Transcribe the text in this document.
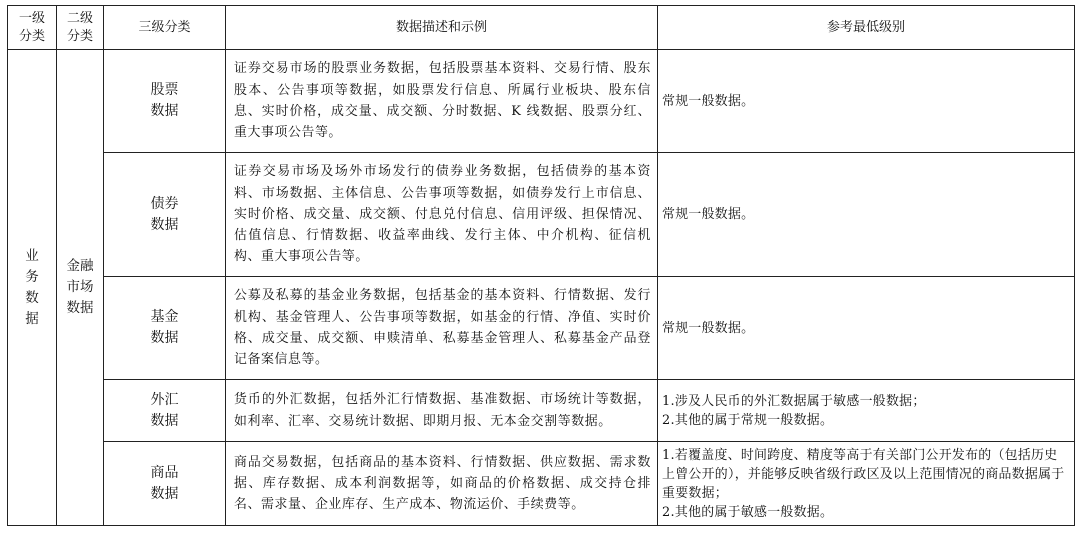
一级分类	二级分类	三级分类	数据描述和示例	参考最低级别
业务数据	金融市场数据	股票数据	证券交易市场的股票业务数据，包括股票基本资料、交易行情、股东股本、公告事项等数据，如股票发行信息、所属行业板块、股东信息、实时价格，成交量、成交额、分时数据、K 线数据、股票分红、重大事项公告等。	常规一般数据。

		债券数据	证券交易市场及场外市场发行的债券业务数据，包括债券的基本资料、市场数据、主体信息、公告事项等数据，如债券发行上市信息、实时价格、成交量、成交额、付息兑付信息、信用评级、担保情况、估值信息、行情数据、收益率曲线、发行主体、中介机构、征信机构、重大事项公告等。	常规一般数据。

		基金数据	公募及私募的基金业务数据，包括基金的基本资料、行情数据、发行机构、基金管理人、公告事项等数据，如基金的行情、净值、实时价格、成交量、成交额、申赎清单、私募基金管理人、私募基金产品登记备案信息等。	常规一般数据。

		外汇数据	货币的外汇数据，包括外汇行情数据、基准数据、市场统计等数据，如利率、汇率、交易统计数据、即期月报、无本金交割等数据。	1.涉及人民币的外汇数据属于敏感一般数据；
2.其他的属于常规一般数据。

		商品数据	商品交易数据，包括商品的基本资料、行情数据、供应数据、需求数据、库存数据、成本利润数据等，如商品的价格数据、成交持仓排名、需求量、企业库存、生产成本、物流运价、手续费等。	1.若覆盖度、时间跨度、精度等高于有关部门公开发布的（包括历史上曾公开的），并能够反映省级行政区及以上范围情况的商品数据属于重要数据；
2.其他的属于敏感一般数据。
